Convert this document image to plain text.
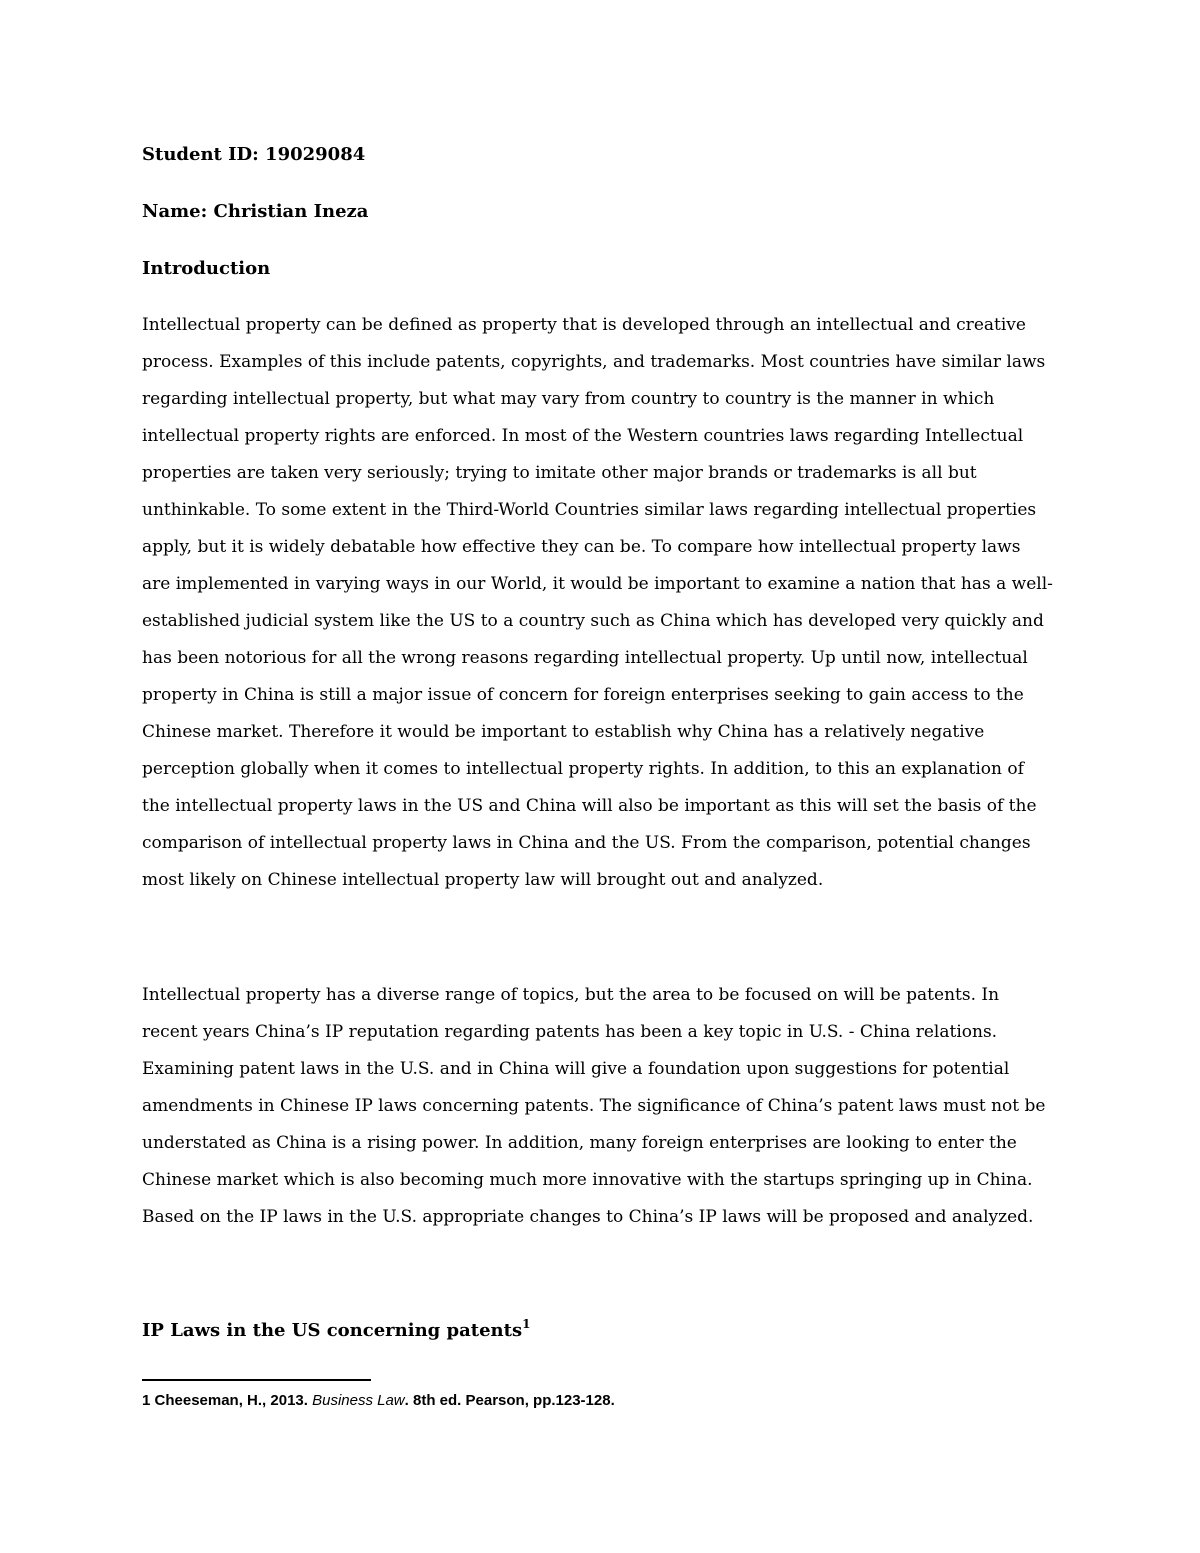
Student ID: 19029084
Name: Christian Ineza
Introduction

Intellectual property can be defined as property that is developed through an intellectual and creative process. Examples of this include patents, copyrights, and trademarks. Most countries have similar laws regarding intellectual property, but what may vary from country to country is the manner in which intellectual property rights are enforced. In most of the Western countries laws regarding Intellectual properties are taken very seriously; trying to imitate other major brands or trademarks is all but unthinkable. To some extent in the Third-World Countries similar laws regarding intellectual properties apply, but it is widely debatable how effective they can be. To compare how intellectual property laws are implemented in varying ways in our World, it would be important to examine a nation that has a well-established judicial system like the US to a country such as China which has developed very quickly and has been notorious for all the wrong reasons regarding intellectual property. Up until now, intellectual property in China is still a major issue of concern for foreign enterprises seeking to gain access to the Chinese market. Therefore it would be important to establish why China has a relatively negative perception globally when it comes to intellectual property rights. In addition, to this an explanation of the intellectual property laws in the US and China will also be important as this will set the basis of the comparison of intellectual property laws in China and the US. From the comparison, potential changes most likely on Chinese intellectual property law will brought out and analyzed.

Intellectual property has a diverse range of topics, but the area to be focused on will be patents. In recent years China’s IP reputation regarding patents has been a key topic in U.S. - China relations. Examining patent laws in the U.S. and in China will give a foundation upon suggestions for potential amendments in Chinese IP laws concerning patents. The significance of China’s patent laws must not be understated as China is a rising power. In addition, many foreign enterprises are looking to enter the Chinese market which is also becoming much more innovative with the startups springing up in China. Based on the IP laws in the U.S. appropriate changes to China’s IP laws will be proposed and analyzed.

IP Laws in the US concerning patents$^1$
1 Cheeseman, H., 2013. Business Law. 8th ed. Pearson, pp.123-128.
